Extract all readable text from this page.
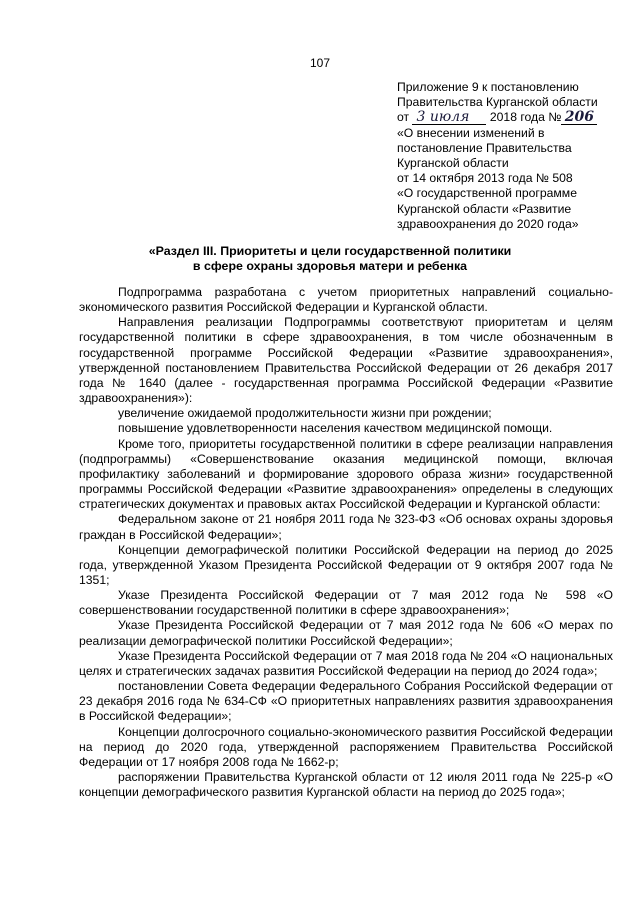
107
Приложение 9 к постановлению
Правительства Курганской области
от 3 июля 2018 года № 206
«О внесении изменений в
постановление Правительства
Курганской области
от 14 октября 2013 года № 508
«О государственной программе
Курганской области «Развитие
здравоохранения до 2020 года»
«Раздел III. Приоритеты и цели государственной политики
в сфере охраны здоровья матери и ребенка

Подпрограмма разработана с учетом приоритетных направлений социально-экономического развития Российской Федерации и Курганской области.

Направления реализации Подпрограммы соответствуют приоритетам и целям государственной политики в сфере здравоохранения, в том числе обозначенным в государственной программе Российской Федерации «Развитие здравоохранения», утвержденной постановлением Правительства Российской Федерации от 26 декабря 2017 года № 1640 (далее - государственная программа Российской Федерации «Развитие здравоохранения»):

увеличение ожидаемой продолжительности жизни при рождении;

повышение удовлетворенности населения качеством медицинской помощи.

Кроме того, приоритеты государственной политики в сфере реализации направления (подпрограммы) «Совершенствование оказания медицинской помощи, включая профилактику заболеваний и формирование здорового образа жизни» государственной программы Российской Федерации «Развитие здравоохранения» определены в следующих стратегических документах и правовых актах Российской Федерации и Курганской области:

Федеральном законе от 21 ноября 2011 года № 323-ФЗ «Об основах охраны здоровья граждан в Российской Федерации»;

Концепции демографической политики Российской Федерации на период до 2025 года, утвержденной Указом Президента Российской Федерации от 9 октября 2007 года № 1351;

Указе Президента Российской Федерации от 7 мая 2012 года № 598 «О совершенствовании государственной политики в сфере здравоохранения»;

Указе Президента Российской Федерации от 7 мая 2012 года № 606 «О мерах по реализации демографической политики Российской Федерации»;

Указе Президента Российской Федерации от 7 мая 2018 года № 204 «О национальных целях и стратегических задачах развития Российской Федерации на период до 2024 года»;

постановлении Совета Федерации Федерального Собрания Российской Федерации от 23 декабря 2016 года № 634-СФ «О приоритетных направлениях развития здравоохранения в Российской Федерации»;

Концепции долгосрочного социально-экономического развития Российской Федерации на период до 2020 года, утвержденной распоряжением Правительства Российской Федерации от 17 ноября 2008 года № 1662-р;

распоряжении Правительства Курганской области от 12 июля 2011 года № 225-р «О концепции демографического развития Курганской области на период до 2025 года»;
